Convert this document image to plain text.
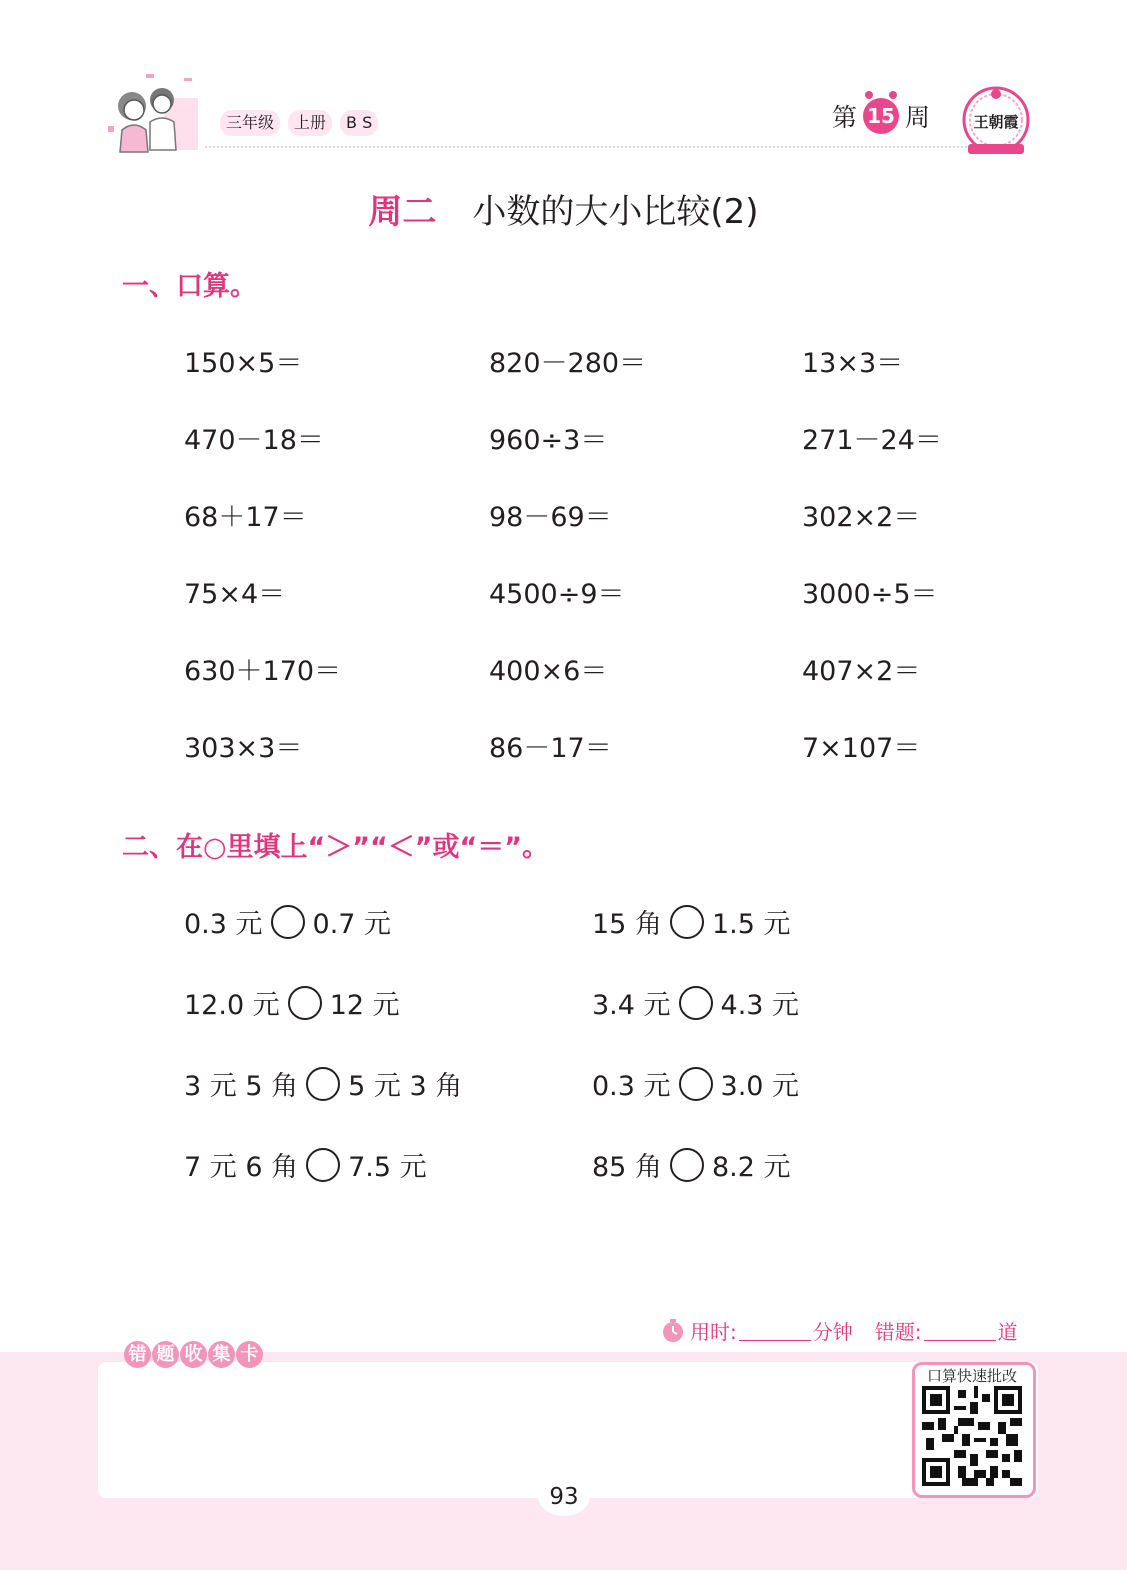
三年级	上册	B S	第 15 周	王朝霞
周二 小数的大小比较(2)
一、口算。
150×5＝	820－280＝	13×3＝
470－18＝	960÷3＝	271－24＝
68＋17＝	98－69＝	302×2＝
75×4＝	4500÷9＝	3000÷5＝
630＋170＝	400×6＝	407×2＝
303×3＝	86－17＝	7×107＝
二、在○里填上“＞”“＜”或“＝”。
0.3 元 0.7 元	15 角 1.5 元
12.0 元 12 元	3.4 元 4.3 元
3 元 5 角 5 元 3 角	0.3 元 3.0 元
7 元 6 角 7.5 元	85 角 8.2 元
用时:	分钟 错题:	道
错 题 收 集 卡
口算快速批改
93
